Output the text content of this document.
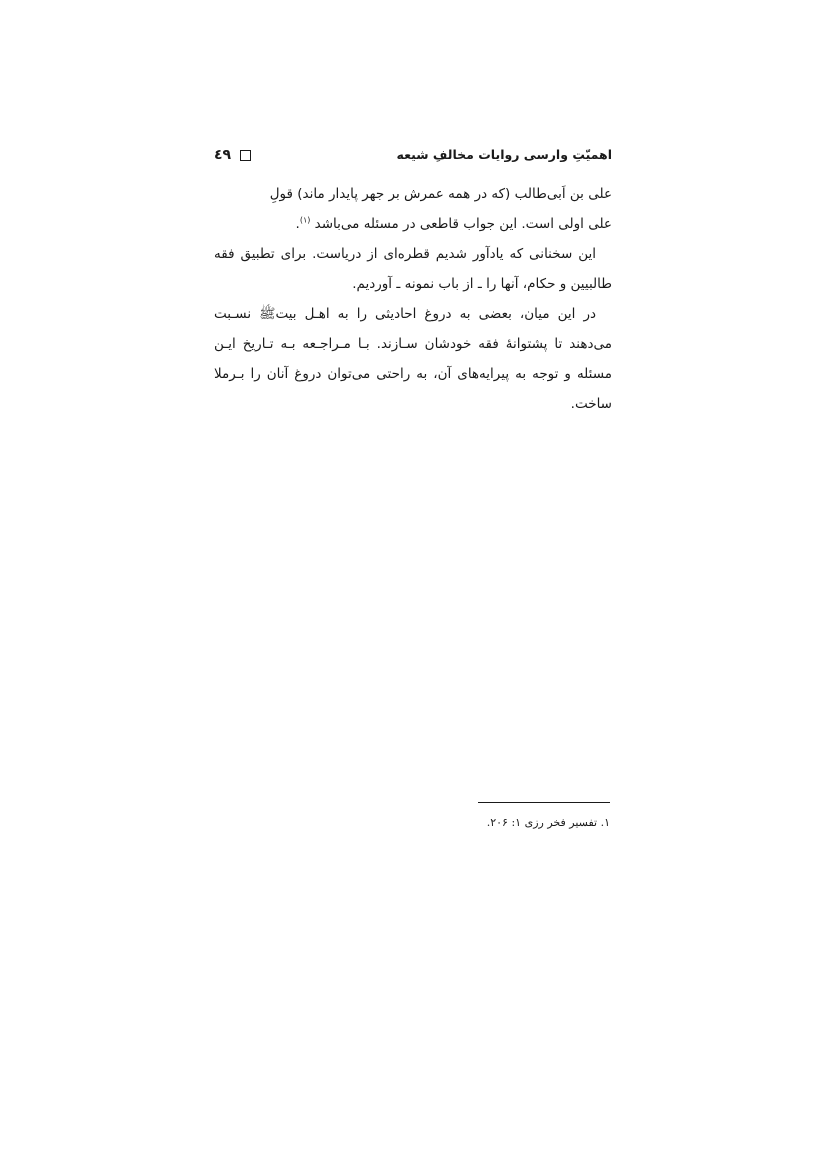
٤٩	اهمیّتِ وارسی روایات مخالفِ شیعه

علی بن اَبی‌طالب (که در همه عمرش بر جهر پایدار ماند) قولِ

علی اولی است. این جواب قاطعی در مسئله می‌باشد $^{(۱)}$.

این سخنانی که یادآور شدیم قطره‌ای از دریاست. برای تطبیق فقه طالبیین و حکام، آنها را ـ از باب نمونه ـ آوردیم.

در این میان، بعضی به دروغ احادیثی را به اهـل بیتﷺ نسـبت می‌دهند تا پشتوانهٔ فقه خودشان سـازند. بـا مـراجـعه بـه تـاریخ ایـن مسئله و توجه به پیرایه‌های آن، به راحتی می‌توان دروغ آنان را بـرملا ساخت.

۱. تفسیر فخر رزی ۱: ۲۰۶.
